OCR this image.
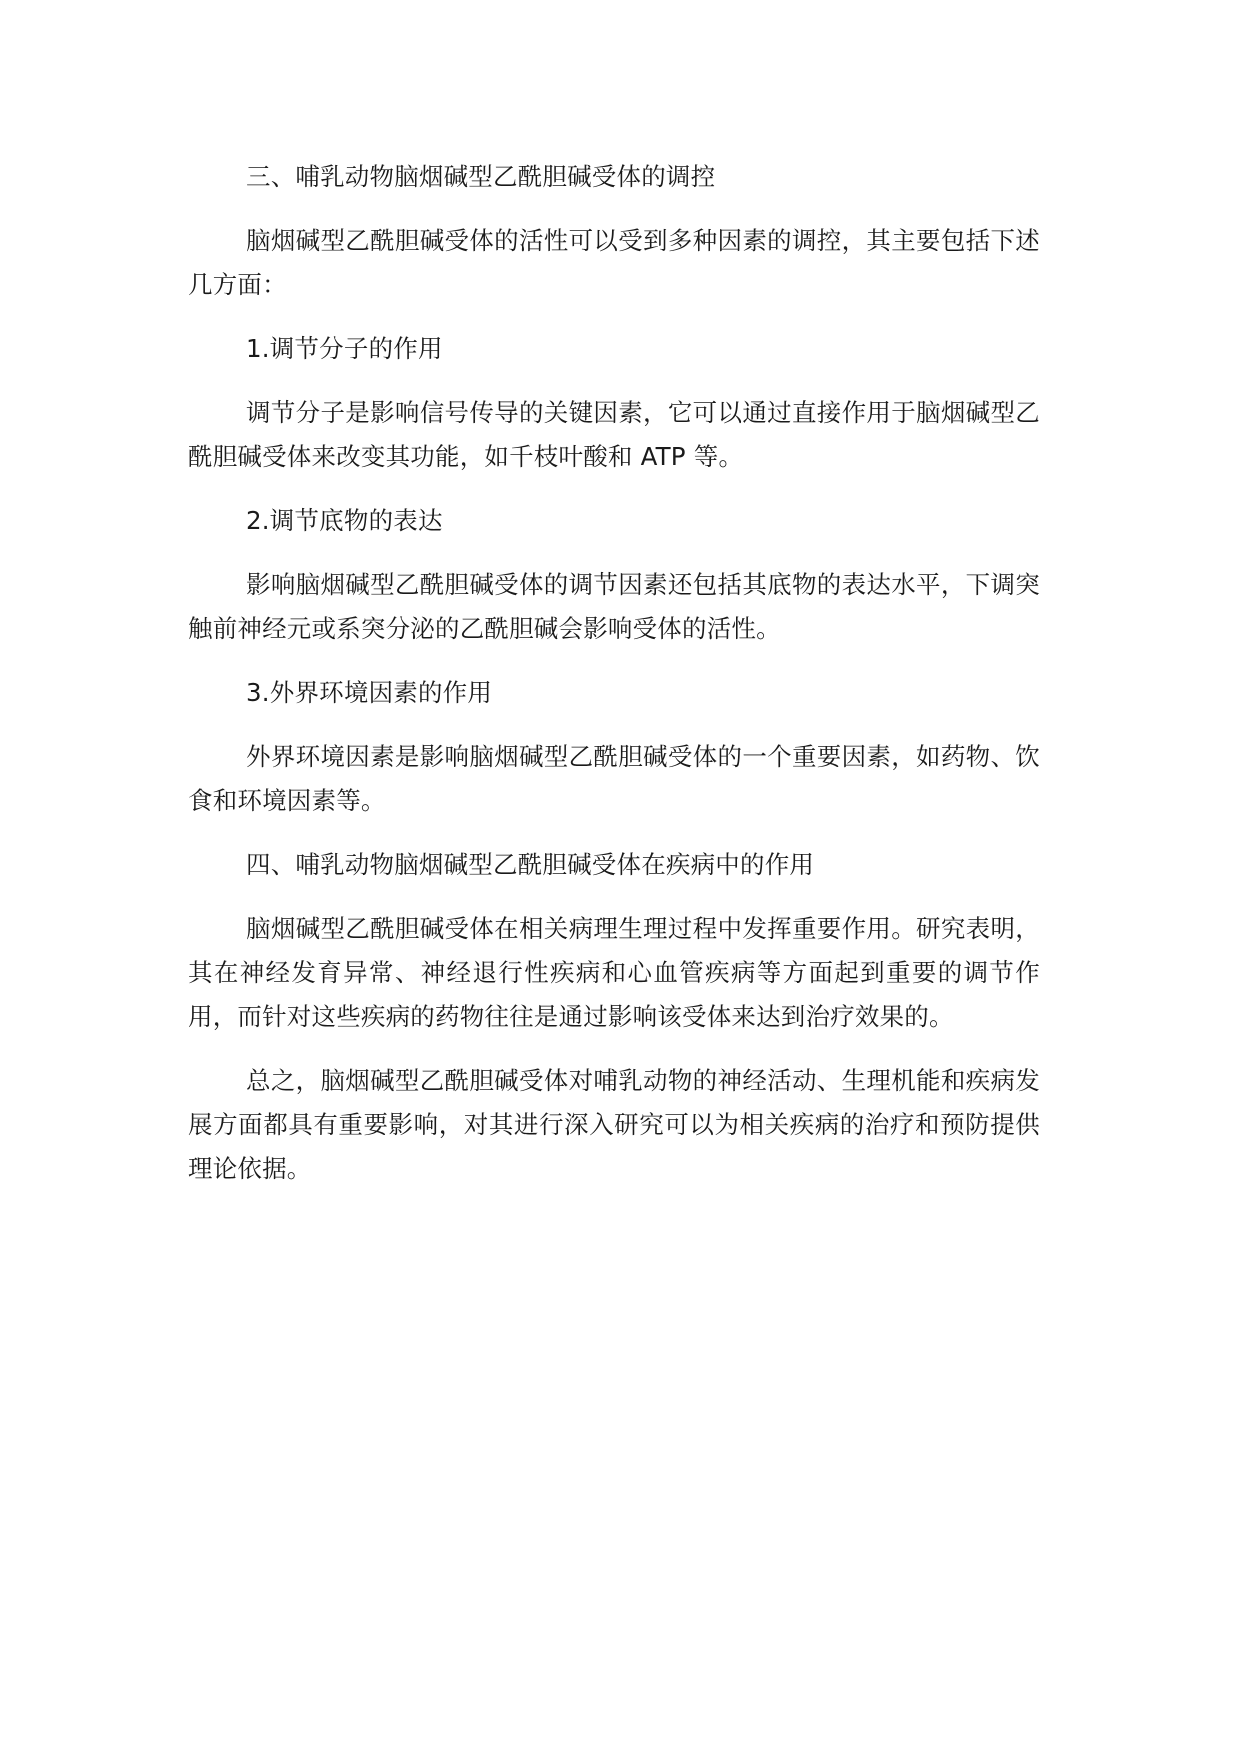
三、哺乳动物脑烟碱型乙酰胆碱受体的调控
脑烟碱型乙酰胆碱受体的活性可以受到多种因素的调控，其主要包括下述几方面：
1.调节分子的作用
调节分子是影响信号传导的关键因素，它可以通过直接作用于脑烟碱型乙酰胆碱受体来改变其功能，如千枝叶酸和 ATP 等。
2.调节底物的表达
影响脑烟碱型乙酰胆碱受体的调节因素还包括其底物的表达水平，下调突触前神经元或系突分泌的乙酰胆碱会影响受体的活性。
3.外界环境因素的作用
外界环境因素是影响脑烟碱型乙酰胆碱受体的一个重要因素，如药物、饮食和环境因素等。
四、哺乳动物脑烟碱型乙酰胆碱受体在疾病中的作用
脑烟碱型乙酰胆碱受体在相关病理生理过程中发挥重要作用。研究表明，其在神经发育异常、神经退行性疾病和心血管疾病等方面起到重要的调节作用，而针对这些疾病的药物往往是通过影响该受体来达到治疗效果的。
总之，脑烟碱型乙酰胆碱受体对哺乳动物的神经活动、生理机能和疾病发展方面都具有重要影响，对其进行深入研究可以为相关疾病的治疗和预防提供理论依据。
